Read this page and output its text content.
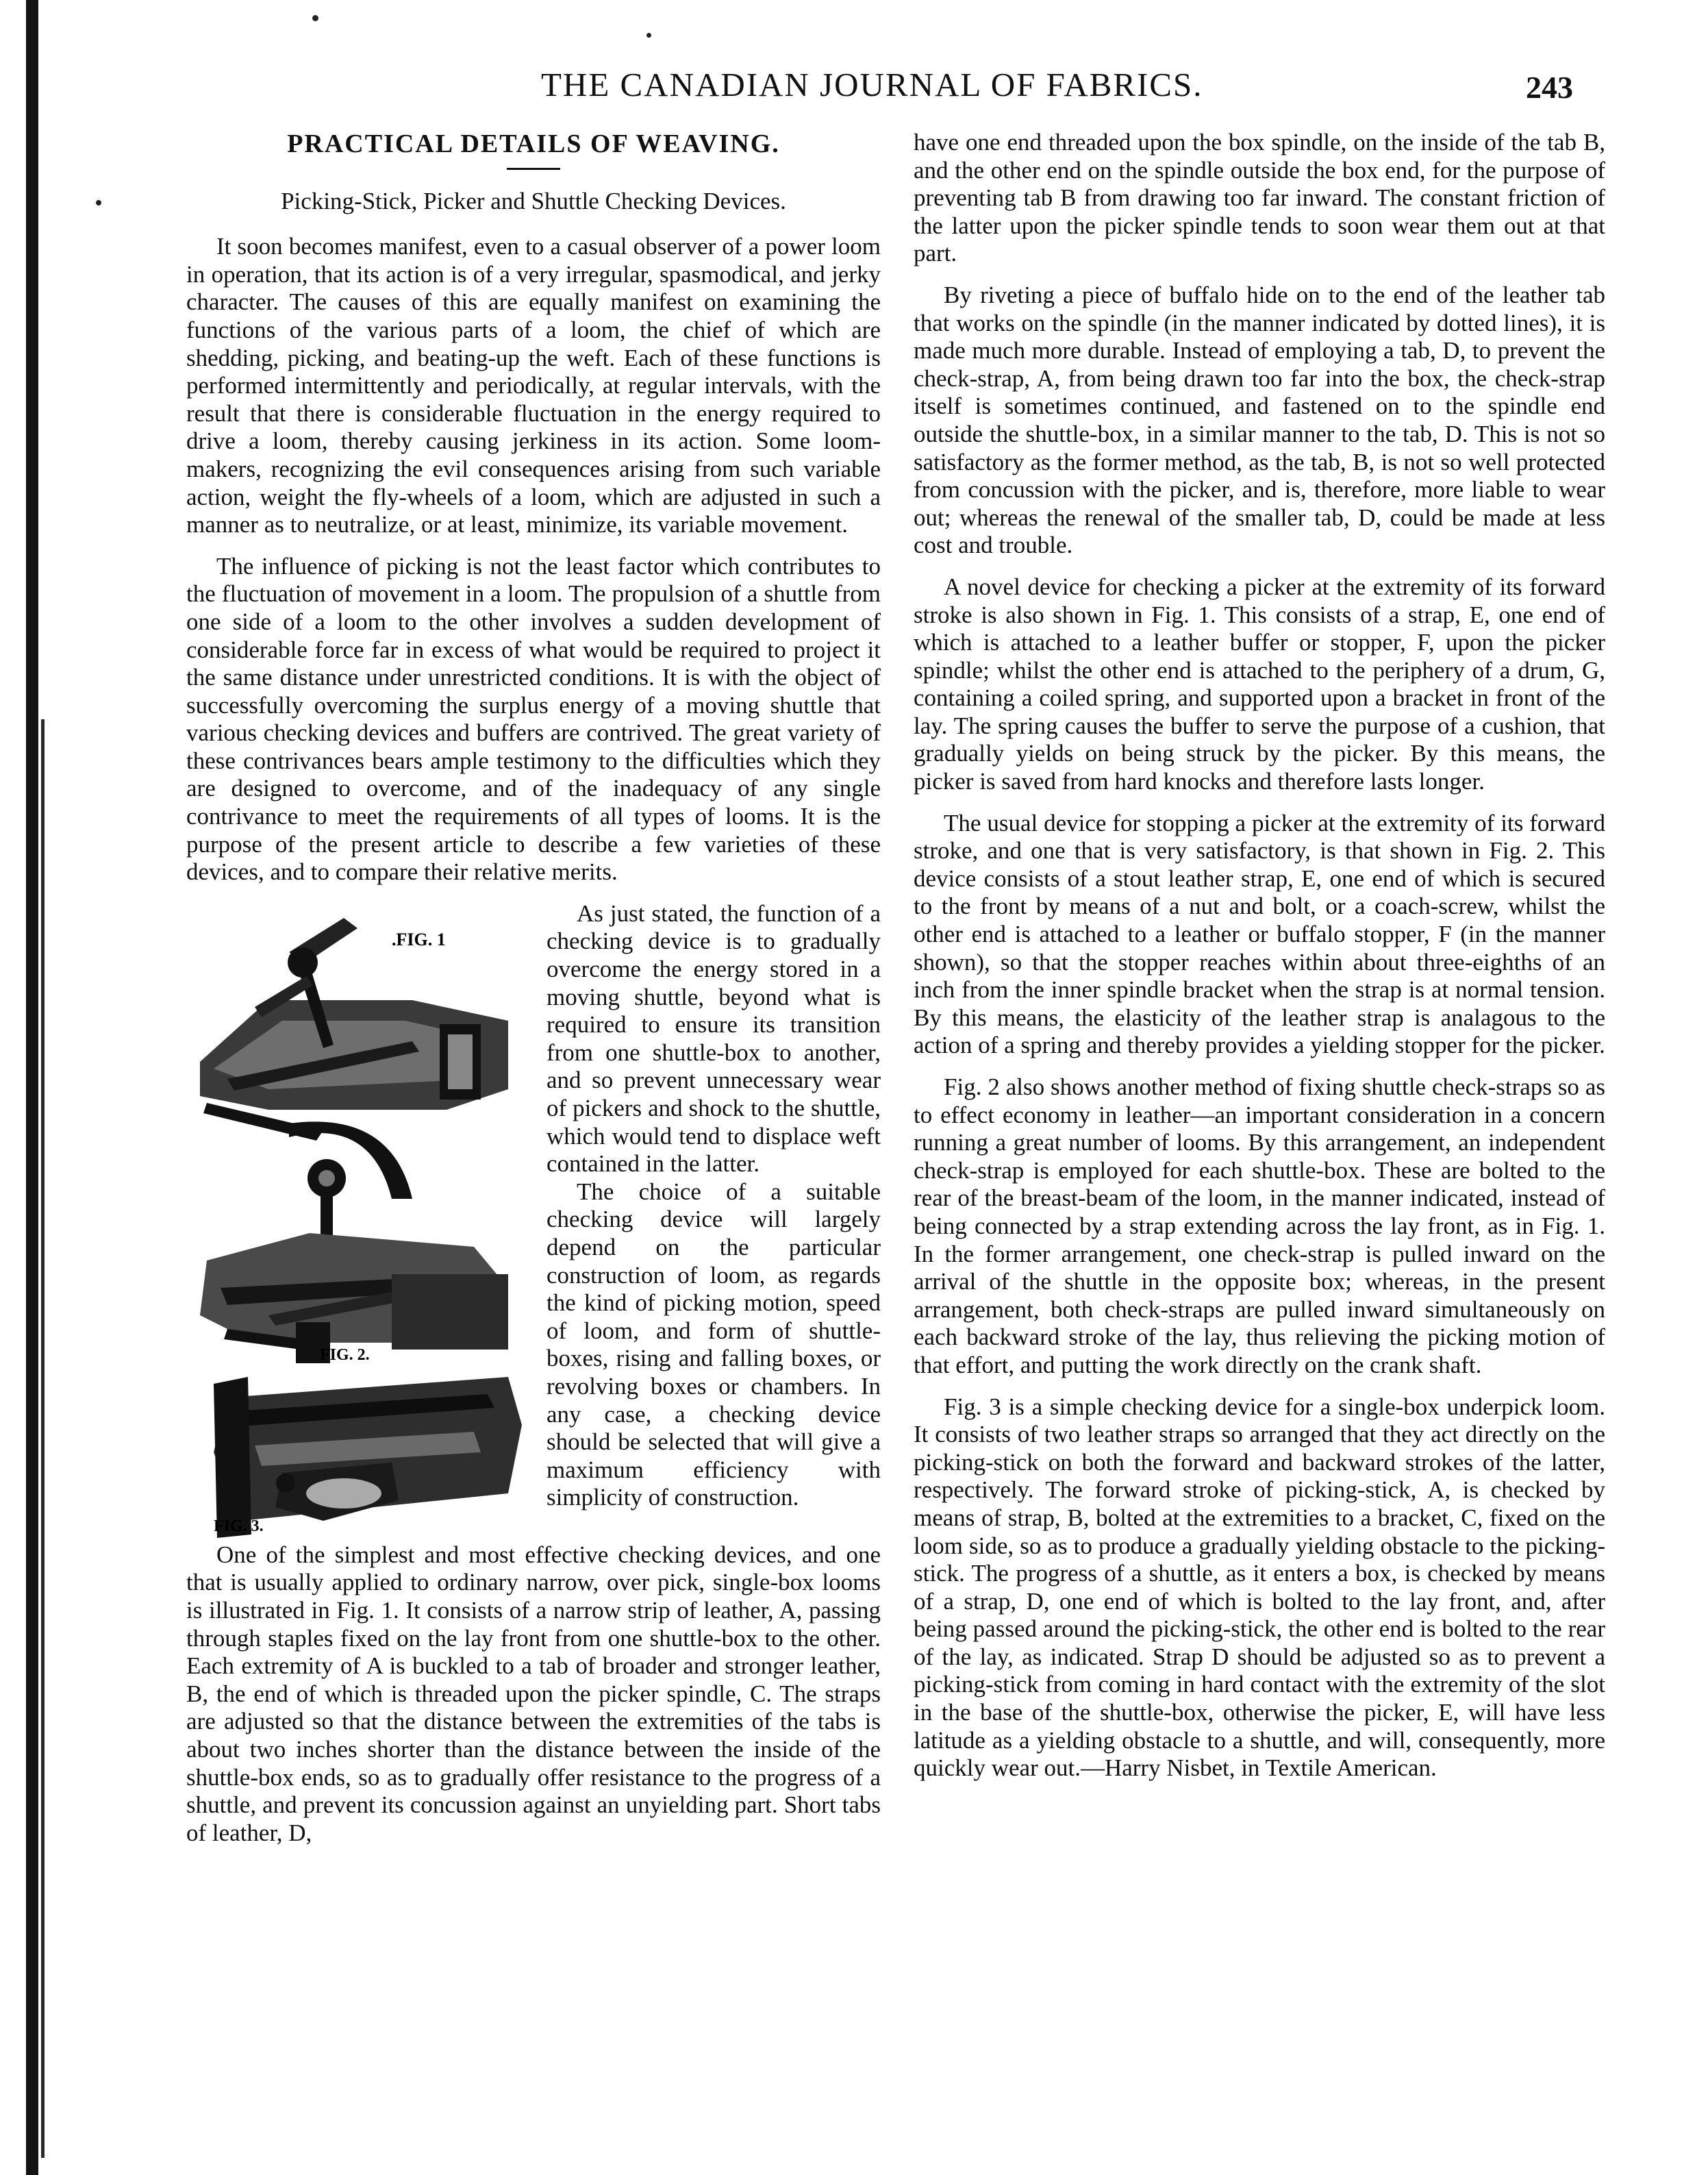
THE CANADIAN JOURNAL OF FABRICS.	243
PRACTICAL DETAILS OF WEAVING.
Picking-Stick, Picker and Shuttle Checking Devices.

It soon becomes manifest, even to a casual observer of a power loom in operation, that its action is of a very irregular, spasmodical, and jerky character. The causes of this are equally manifest on examining the functions of the various parts of a loom, the chief of which are shedding, picking, and beating-up the weft. Each of these functions is performed intermittently and periodically, at regular intervals, with the result that there is considerable fluctuation in the energy required to drive a loom, thereby causing jerkiness in its action. Some loom-makers, recognizing the evil consequences arising from such variable action, weight the fly-wheels of a loom, which are adjusted in such a manner as to neutralize, or at least, minimize, its variable movement.

The influence of picking is not the least factor which contributes to the fluctuation of movement in a loom. The propulsion of a shuttle from one side of a loom to the other involves a sudden development of considerable force far in excess of what would be required to project it the same distance under unrestricted conditions. It is with the object of successfully overcoming the surplus energy of a moving shuttle that various checking devices and buffers are contrived. The great variety of these contrivances bears ample testimony to the difficulties which they are designed to overcome, and of the inadequacy of any single contrivance to meet the requirements of all types of looms. It is the purpose of the present article to describe a few varieties of these devices, and to compare their relative merits.

.FIG. 1
FIG. 2.
FIG. 3.

As just stated, the function of a checking device is to gradually overcome the energy stored in a moving shuttle, beyond what is required to ensure its transition from one shuttle-box to another, and so prevent unnecessary wear of pickers and shock to the shuttle, which would tend to displace weft contained in the latter.

The choice of a suitable checking device will largely depend on the particular construction of loom, as regards the kind of picking motion, speed of loom, and form of shuttle-boxes, rising and falling boxes, or revolving boxes or chambers. In any case, a checking device should be selected that will give a maximum efficiency with simplicity of construction.

One of the simplest and most effective checking devices, and one that is usually applied to ordinary narrow, over pick, single-box looms is illustrated in Fig. 1. It consists of a narrow strip of leather, A, passing through staples fixed on the lay front from one shuttle-box to the other. Each extremity of A is buckled to a tab of broader and stronger leather, B, the end of which is threaded upon the picker spindle, C. The straps are adjusted so that the distance between the extremities of the tabs is about two inches shorter than the distance between the inside of the shuttle-box ends, so as to gradually offer resistance to the progress of a shuttle, and prevent its concussion against an unyielding part. Short tabs of leather, D,

have one end threaded upon the box spindle, on the inside of the tab B, and the other end on the spindle outside the box end, for the purpose of preventing tab B from drawing too far inward. The constant friction of the latter upon the picker spindle tends to soon wear them out at that part.

By riveting a piece of buffalo hide on to the end of the leather tab that works on the spindle (in the manner indicated by dotted lines), it is made much more durable. Instead of employing a tab, D, to prevent the check-strap, A, from being drawn too far into the box, the check-strap itself is sometimes continued, and fastened on to the spindle end outside the shuttle-box, in a similar manner to the tab, D. This is not so satisfactory as the former method, as the tab, B, is not so well protected from concussion with the picker, and is, therefore, more liable to wear out; whereas the renewal of the smaller tab, D, could be made at less cost and trouble.

A novel device for checking a picker at the extremity of its forward stroke is also shown in Fig. 1. This consists of a strap, E, one end of which is attached to a leather buffer or stopper, F, upon the picker spindle; whilst the other end is attached to the periphery of a drum, G, containing a coiled spring, and supported upon a bracket in front of the lay. The spring causes the buffer to serve the purpose of a cushion, that gradually yields on being struck by the picker. By this means, the picker is saved from hard knocks and therefore lasts longer.

The usual device for stopping a picker at the extremity of its forward stroke, and one that is very satisfactory, is that shown in Fig. 2. This device consists of a stout leather strap, E, one end of which is secured to the front by means of a nut and bolt, or a coach-screw, whilst the other end is attached to a leather or buffalo stopper, F (in the manner shown), so that the stopper reaches within about three-eighths of an inch from the inner spindle bracket when the strap is at normal tension. By this means, the elasticity of the leather strap is analagous to the action of a spring and thereby provides a yielding stopper for the picker.

Fig. 2 also shows another method of fixing shuttle check-straps so as to effect economy in leather—an important consideration in a concern running a great number of looms. By this arrangement, an independent check-strap is employed for each shuttle-box. These are bolted to the rear of the breast-beam of the loom, in the manner indicated, instead of being connected by a strap extending across the lay front, as in Fig. 1. In the former arrangement, one check-strap is pulled inward on the arrival of the shuttle in the opposite box; whereas, in the present arrangement, both check-straps are pulled inward simultaneously on each backward stroke of the lay, thus relieving the picking motion of that effort, and putting the work directly on the crank shaft.

Fig. 3 is a simple checking device for a single-box underpick loom. It consists of two leather straps so arranged that they act directly on the picking-stick on both the forward and backward strokes of the latter, respectively. The forward stroke of picking-stick, A, is checked by means of strap, B, bolted at the extremities to a bracket, C, fixed on the loom side, so as to produce a gradually yielding obstacle to the picking-stick. The progress of a shuttle, as it enters a box, is checked by means of a strap, D, one end of which is bolted to the lay front, and, after being passed around the picking-stick, the other end is bolted to the rear of the lay, as indicated. Strap D should be adjusted so as to prevent a picking-stick from coming in hard contact with the extremity of the slot in the base of the shuttle-box, otherwise the picker, E, will have less latitude as a yielding obstacle to a shuttle, and will, consequently, more quickly wear out.—Harry Nisbet, in Textile American.
